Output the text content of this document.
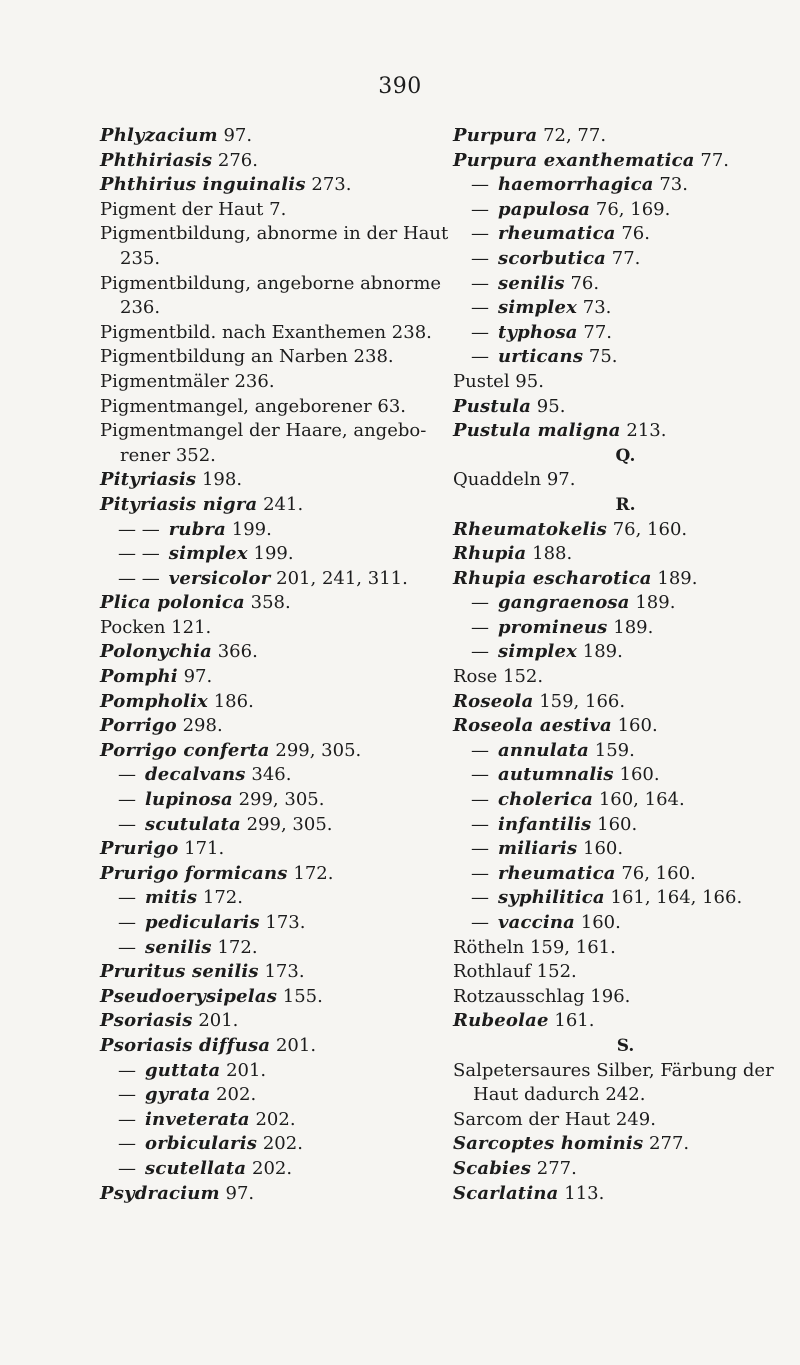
390
Phlyzacium 97.
Phthiriasis 276.
Phthirius inguinalis 273.
Pigment der Haut 7.
Pigmentbildung, abnorme in der Haut 235.
Pigmentbildung, angeborne abnorme 236.
Pigmentbild. nach Exanthemen 238.
Pigmentbildung an Narben 238.
Pigmentmäler 236.
Pigmentmangel, angeborener 63.
Pigmentmangel der Haare, angebo-rener 352.
Pityriasis 198.
Pityriasis nigra 241.
— —  rubra 199.
— —  simplex 199.
— —  versicolor 201, 241, 311.
Plica polonica 358.
Pocken 121.
Polonychia 366.
Pomphi 97.
Pompholix 186.
Porrigo 298.
Porrigo conferta 299, 305.
—  decalvans 346.
—  lupinosa 299, 305.
—  scutulata 299, 305.
Prurigo 171.
Prurigo formicans 172.
—  mitis 172.
—  pedicularis 173.
—  senilis 172.
Pruritus senilis 173.
Pseudoerysipelas 155.
Psoriasis 201.
Psoriasis diffusa 201.
—  guttata 201.
—  gyrata 202.
—  inveterata 202.
—  orbicularis 202.
—  scutellata 202.
Psydracium 97.
Purpura 72, 77.
Purpura exanthematica 77.
—  haemorrhagica 73.
—  papulosa 76, 169.
—  rheumatica 76.
—  scorbutica 77.
—  senilis 76.
—  simplex 73.
—  typhosa 77.
—  urticans 75.
Pustel 95.
Pustula 95.
Pustula maligna 213.
Q.
Quaddeln 97.
R.
Rheumatokelis 76, 160.
Rhupia 188.
Rhupia escharotica 189.
—  gangraenosa 189.
—  promineus 189.
—  simplex 189.
Rose 152.
Roseola 159, 166.
Roseola aestiva 160.
—  annulata 159.
—  autumnalis 160.
—  cholerica 160, 164.
—  infantilis 160.
—  miliaris 160.
—  rheumatica 76, 160.
—  syphilitica 161, 164, 166.
—  vaccina 160.
Rötheln 159, 161.
Rothlauf 152.
Rotzausschlag 196.
Rubeolae 161.
S.
Salpetersaures Silber, Färbung der Haut dadurch 242.
Sarcom der Haut 249.
Sarcoptes hominis 277.
Scabies 277.
Scarlatina 113.
